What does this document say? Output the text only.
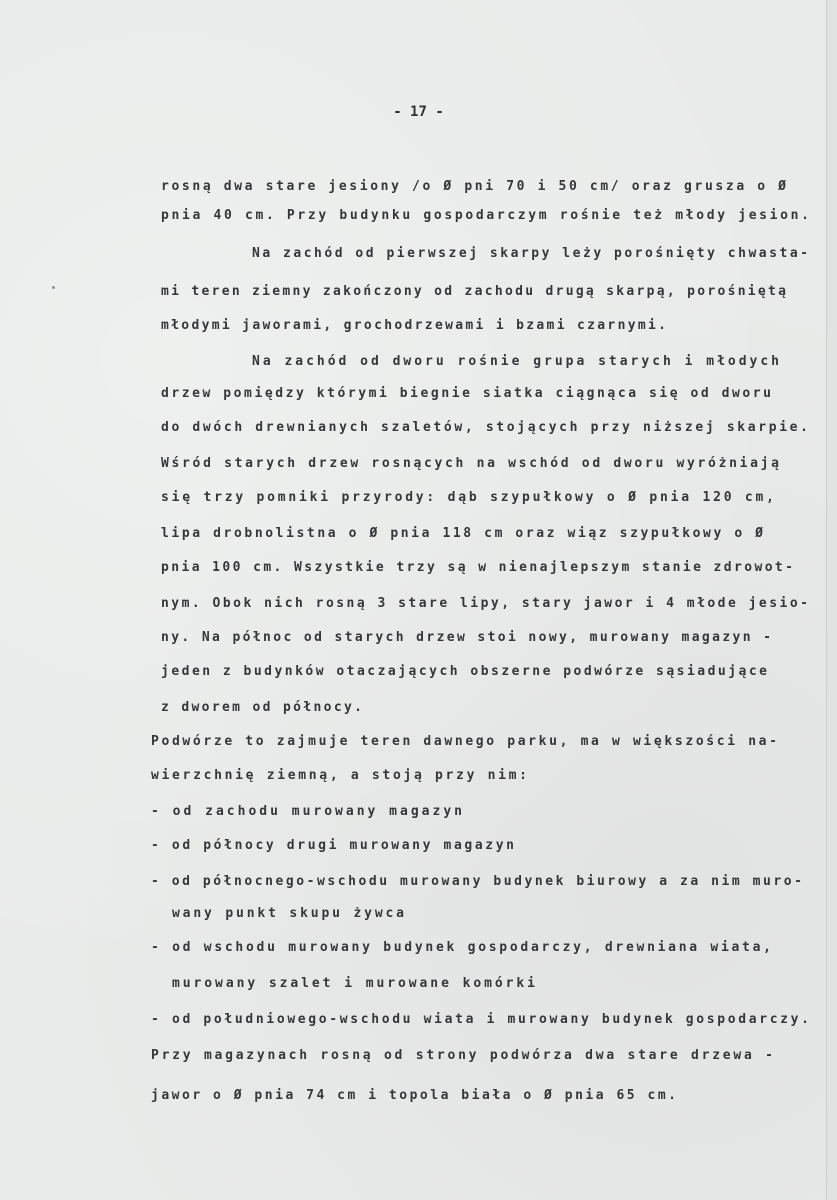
- 17 -
rosną dwa stare jesiony /o Ø pni 70 i 50 cm/ oraz grusza o Ø
pnia 40 cm. Przy budynku gospodarczym rośnie też młody jesion.
Na zachód od pierwszej skarpy leży porośnięty chwasta-
mi teren ziemny zakończony od zachodu drugą skarpą, porośniętą
młodymi jaworami, grochodrzewami i bzami czarnymi.
Na zachód od dworu rośnie grupa starych i młodych
drzew pomiędzy którymi biegnie siatka ciągnąca się od dworu
do dwóch drewnianych szaletów, stojących przy niższej skarpie.
Wśród starych drzew rosnących na wschód od dworu wyróżniają
się trzy pomniki przyrody: dąb szypułkowy o Ø pnia 120 cm,
lipa drobnolistna o Ø pnia 118 cm oraz wiąz szypułkowy o Ø
pnia 100 cm. Wszystkie trzy są w nienajlepszym stanie zdrowot-
nym. Obok nich rosną 3 stare lipy, stary jawor i 4 młode jesio-
ny. Na północ od starych drzew stoi nowy, murowany magazyn -
jeden z budynków otaczających obszerne podwórze sąsiadujące
z dworem od północy.
Podwórze to zajmuje teren dawnego parku, ma w większości na-
wierzchnię ziemną, a stoją przy nim:
- od zachodu murowany magazyn
- od północy drugi murowany magazyn
- od północnego-wschodu murowany budynek biurowy a za nim muro-
wany punkt skupu żywca
- od wschodu murowany budynek gospodarczy, drewniana wiata,
murowany szalet i murowane komórki
- od południowego-wschodu wiata i murowany budynek gospodarczy.
Przy magazynach rosną od strony podwórza dwa stare drzewa -
jawor o Ø pnia 74 cm i topola biała o Ø pnia 65 cm.
